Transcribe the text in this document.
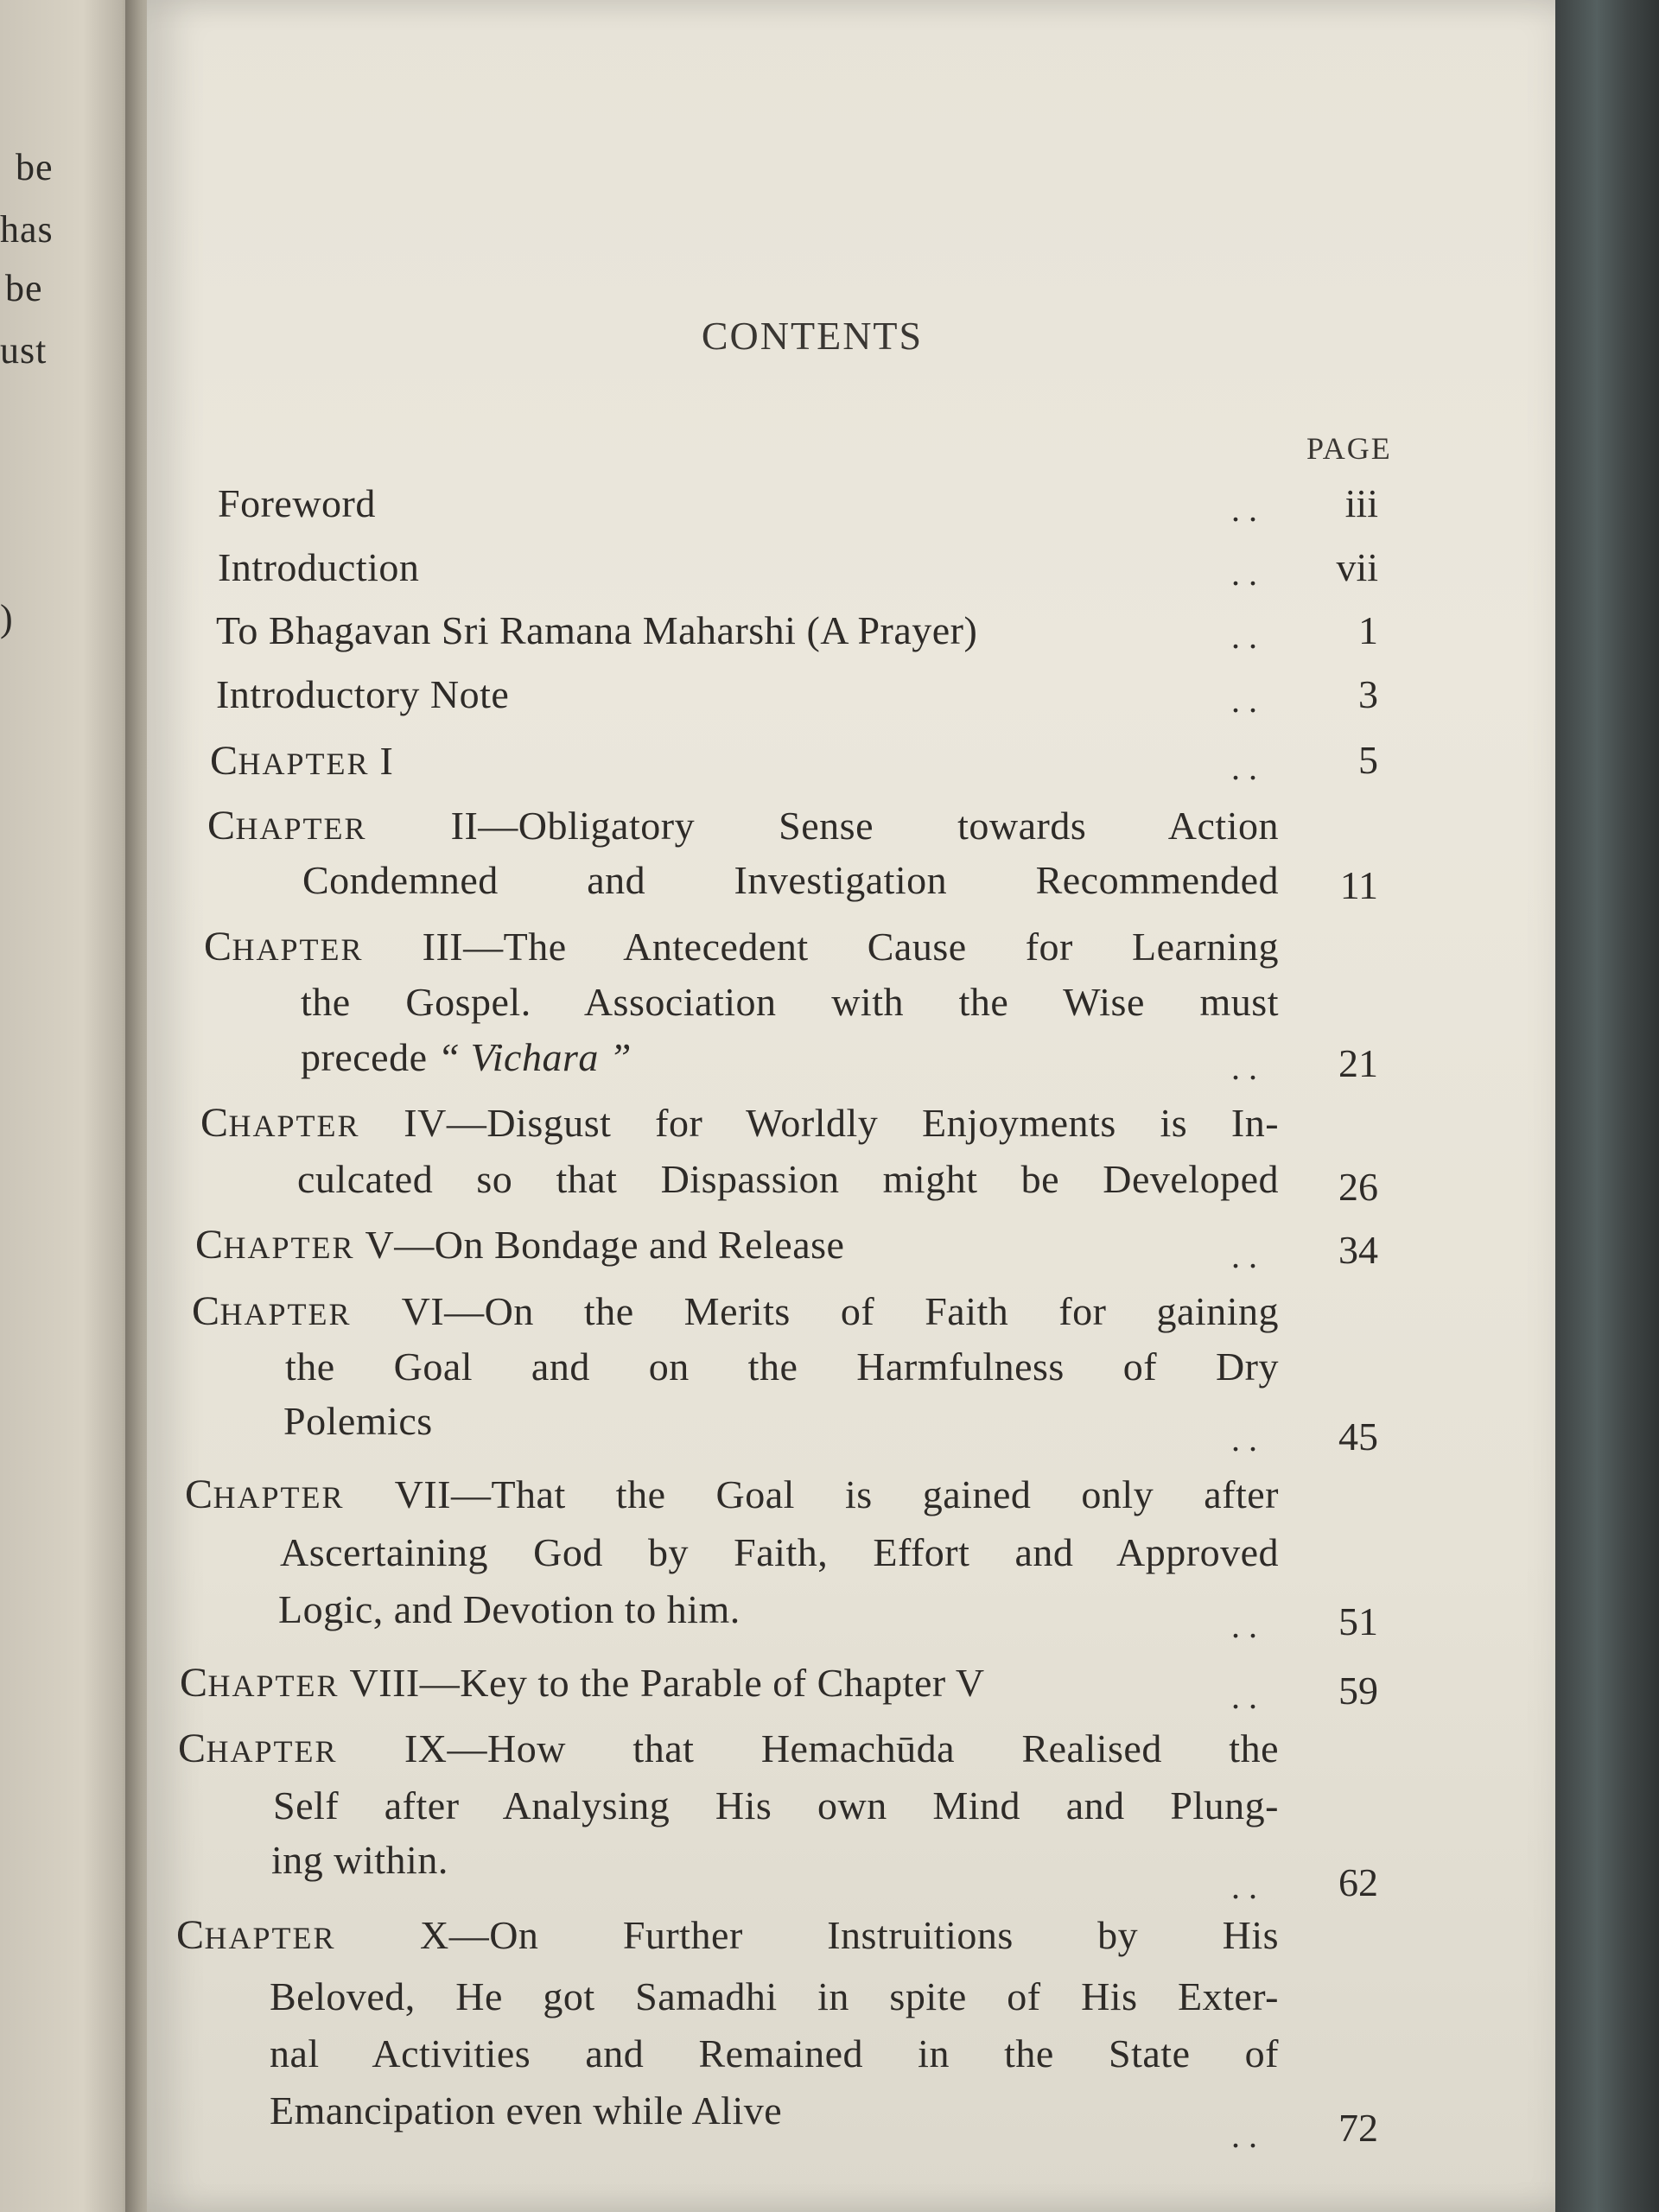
be
has
be
ust
)
CONTENTS
PAGE
Foreword	..	iii
Introduction	..	vii
To Bhagavan Sri Ramana Maharshi (A Prayer)	..	1
Introductory Note	..	3
CHAPTER I	..	5
CHAPTER II—Obligatory Sense towards Action
Condemned and Investigation Recommended	11
CHAPTER III—The Antecedent Cause for Learning
the Gospel. Association with the Wise must
precede “ Vichara ”	..	21
CHAPTER IV—Disgust for Worldly Enjoyments is In-
culcated so that Dispassion might be Developed	26
CHAPTER V—On Bondage and Release	..	34
CHAPTER VI—On the Merits of Faith for gaining
the Goal and on the Harmfulness of Dry
Polemics	..	45
CHAPTER VII—That the Goal is gained only after
Ascertaining God by Faith, Effort and Approved
Logic, and Devotion to him.	..	51
CHAPTER VIII—Key to the Parable of Chapter V	..	59
CHAPTER IX—How that Hemachūda Realised the
Self after Analysing His own Mind and Plung-
ing within.
..	62
CHAPTER X—On Further Instruitions by His
Beloved, He got Samadhi in spite of His Exter-
nal Activities and Remained in the State of
Emancipation even while Alive
..	72
